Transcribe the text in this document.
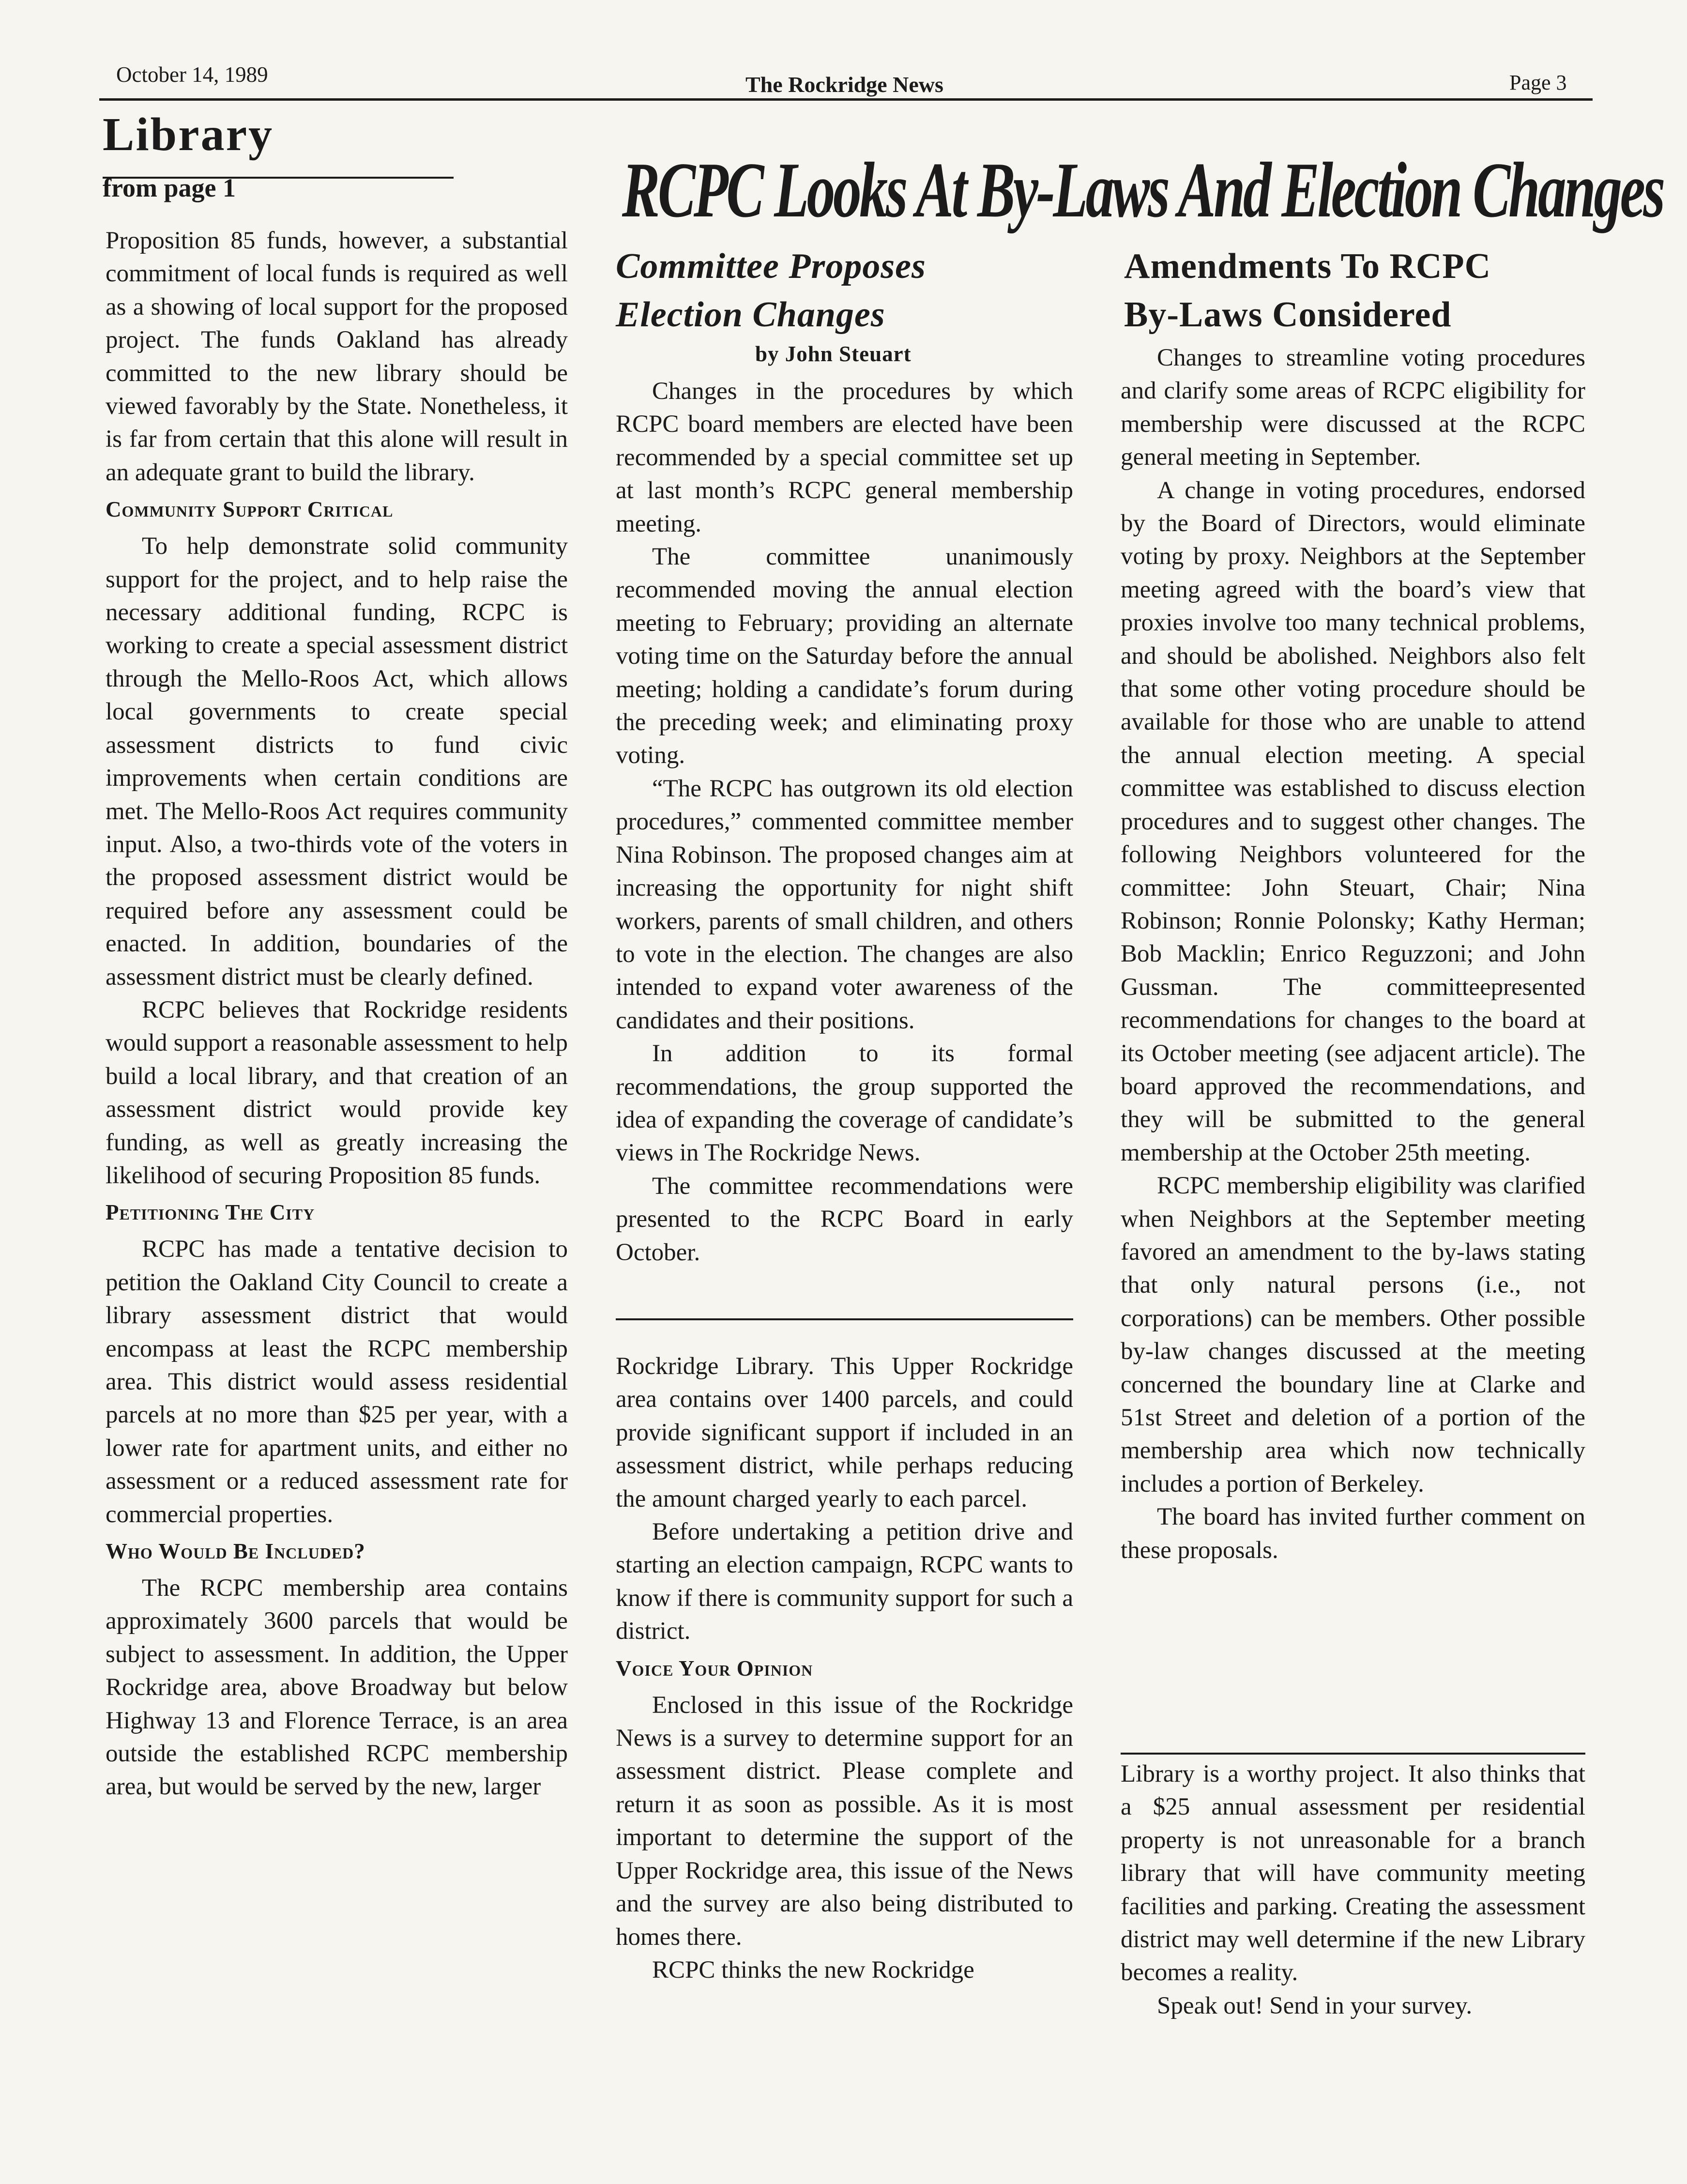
October 14, 1989	The Rockridge News	Page 3
Library
from page 1	RCPC Looks At By-Laws And Election Changes

Proposition 85 funds, however, a substantial commitment of local funds is required as well as a showing of local support for the proposed project. The funds Oakland has already committed to the new library should be viewed favorably by the State. Nonetheless, it is far from certain that this alone will result in an adequate grant to build the library.

Community Support Critical

To help demonstrate solid community support for the project, and to help raise the necessary additional funding, RCPC is working to create a special assessment district through the Mello-Roos Act, which allows local governments to create special assessment districts to fund civic improvements when certain conditions are met. The Mello-Roos Act requires community input. Also, a two-thirds vote of the voters in the proposed assessment district would be required before any assessment could be enacted. In addition, boundaries of the assessment district must be clearly defined.

RCPC believes that Rockridge residents would support a reasonable assessment to help build a local library, and that creation of an assessment district would provide key funding, as well as greatly increasing the likelihood of securing Proposition 85 funds.

Petitioning The City

RCPC has made a tentative decision to petition the Oakland City Council to create a library assessment district that would encompass at least the RCPC membership area. This district would assess residential parcels at no more than $25 per year, with a lower rate for apartment units, and either no assessment or a reduced assessment rate for commercial properties.

Who Would Be Included?

The RCPC membership area contains approximately 3600 parcels that would be subject to assessment. In addition, the Upper Rockridge area, above Broadway but below Highway 13 and Florence Terrace, is an area outside the established RCPC membership area, but would be served by the new, larger

Committee Proposes
Election Changes
by John Steuart

Changes in the procedures by which RCPC board members are elected have been recommended by a special committee set up at last month’s RCPC general membership meeting.

The committee unanimously recommended moving the annual election meeting to February; providing an alternate voting time on the Saturday before the annual meeting; holding a candidate’s forum during the preceding week; and eliminating proxy voting.

“The RCPC has outgrown its old election procedures,” commented committee member Nina Robinson. The proposed changes aim at increasing the opportunity for night shift workers, parents of small children, and others to vote in the election. The changes are also intended to expand voter awareness of the candidates and their positions.

In addition to its formal recommendations, the group supported the idea of expanding the coverage of candidate’s views in The Rockridge News.

The committee recommendations were presented to the RCPC Board in early October.

Rockridge Library. This Upper Rockridge area contains over 1400 parcels, and could provide significant support if included in an assessment district, while perhaps reducing the amount charged yearly to each parcel.

Before undertaking a petition drive and starting an election campaign, RCPC wants to know if there is community support for such a district.

Voice Your Opinion

Enclosed in this issue of the Rockridge News is a survey to determine support for an assessment district. Please complete and return it as soon as possible. As it is most important to determine the support of the Upper Rockridge area, this issue of the News and the survey are also being distributed to homes there.

RCPC thinks the new Rockridge

Amendments To RCPC
By-Laws Considered

Changes to streamline voting procedures and clarify some areas of RCPC eligibility for membership were discussed at the RCPC general meeting in September.

A change in voting procedures, endorsed by the Board of Directors, would eliminate voting by proxy. Neighbors at the September meeting agreed with the board’s view that proxies involve too many technical problems, and should be abolished. Neighbors also felt that some other voting procedure should be available for those who are unable to attend the annual election meeting. A special committee was established to discuss election procedures and to suggest other changes. The following Neighbors volunteered for the committee: John Steuart, Chair; Nina Robinson; Ronnie Polonsky; Kathy Herman; Bob Macklin; Enrico Reguzzoni; and John Gussman. The committeepresented recommendations for changes to the board at its October meeting (see adjacent article). The board approved the recommendations, and they will be submitted to the general membership at the October 25th meeting.

RCPC membership eligibility was clarified when Neighbors at the September meeting favored an amendment to the by-laws stating that only natural persons (i.e., not corporations) can be members. Other possible by-law changes discussed at the meeting concerned the boundary line at Clarke and 51st Street and deletion of a portion of the membership area which now technically includes a portion of Berkeley.

The board has invited further comment on these proposals.

Library is a worthy project. It also thinks that a $25 annual assessment per residential property is not unreasonable for a branch library that will have community meeting facilities and parking. Creating the assessment district may well determine if the new Library becomes a reality.

Speak out! Send in your survey.
